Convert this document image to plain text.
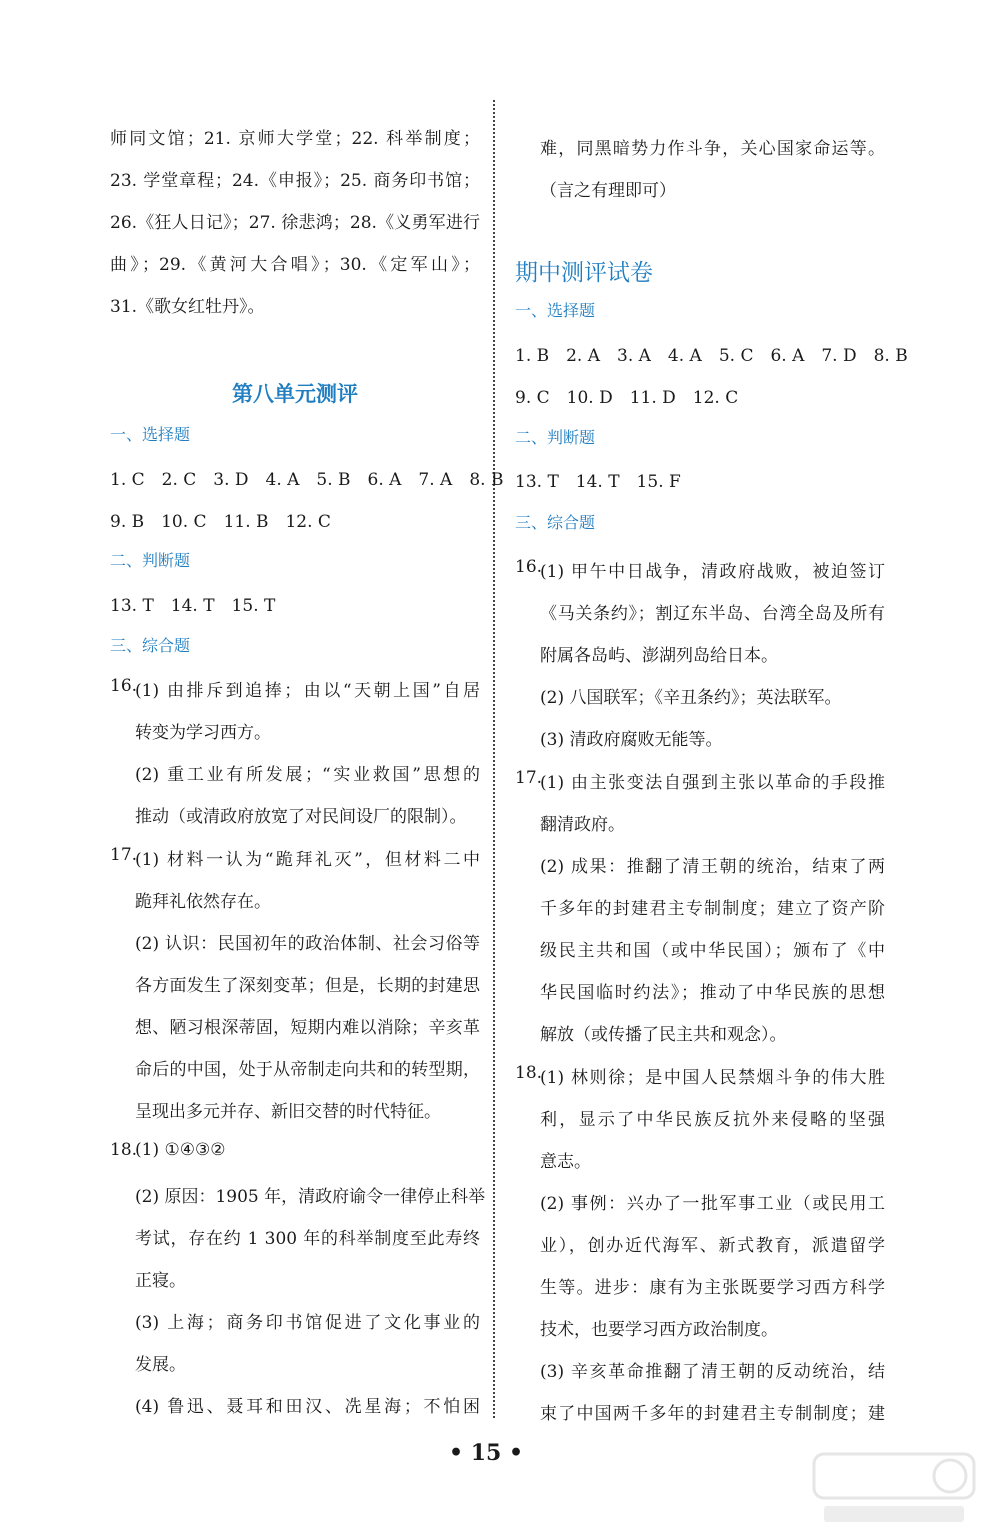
师同文馆；21. 京师大学堂；22. 科举制度；
23. 学堂章程；24.《申报》；25. 商务印书馆；
26.《狂人日记》；27. 徐悲鸿；28.《义勇军进行
曲》；29.《黄河大合唱》；30.《定军山》；
31.《歌女红牡丹》。
第八单元测评
一、选择题
1. C　2. C　3. D　4. A　5. B　6. A　7. A　8. B
9. B　10. C　11. B　12. C
二、判断题
13. T　14. T　15. T
三、综合题
16.
(1) 由排斥到追捧；由以“天朝上国”自居
转变为学习西方。
(2) 重工业有所发展；“实业救国”思想的
推动（或清政府放宽了对民间设厂的限制）。
17.
(1) 材料一认为“跪拜礼灭”，但材料二中
跪拜礼依然存在。
(2) 认识：民国初年的政治体制、社会习俗等
各方面发生了深刻变革；但是，长期的封建思
想、陋习根深蒂固，短期内难以消除；辛亥革
命后的中国，处于从帝制走向共和的转型期，
呈现出多元并存、新旧交替的时代特征。
18.
(1) ①④③②
(2) 原因：1905 年，清政府谕令一律停止科举
考试，存在约 1 300 年的科举制度至此寿终
正寝。
(3) 上海；商务印书馆促进了文化事业的
发展。
(4) 鲁迅、聂耳和田汉、冼星海；不怕困
难，同黑暗势力作斗争，关心国家命运等。
（言之有理即可）
期中测评试卷
一、选择题
1. B　2. A　3. A　4. A　5. C　6. A　7. D　8. B
9. C　10. D　11. D　12. C
二、判断题
13. T　14. T　15. F
三、综合题
16.
(1) 甲午中日战争，清政府战败，被迫签订
《马关条约》；割辽东半岛、台湾全岛及所有
附属各岛屿、澎湖列岛给日本。
(2) 八国联军；《辛丑条约》；英法联军。
(3) 清政府腐败无能等。
17.
(1) 由主张变法自强到主张以革命的手段推
翻清政府。
(2) 成果：推翻了清王朝的统治，结束了两
千多年的封建君主专制制度；建立了资产阶
级民主共和国（或中华民国）；颁布了《中
华民国临时约法》；推动了中华民族的思想
解放（或传播了民主共和观念）。
18.
(1) 林则徐；是中国人民禁烟斗争的伟大胜
利，显示了中华民族反抗外来侵略的坚强
意志。
(2) 事例：兴办了一批军事工业（或民用工
业），创办近代海军、新式教育，派遣留学
生等。进步：康有为主张既要学习西方科学
技术，也要学习西方政治制度。
(3) 辛亥革命推翻了清王朝的反动统治，结
束了中国两千多年的封建君主专制制度；建
• 15 •
